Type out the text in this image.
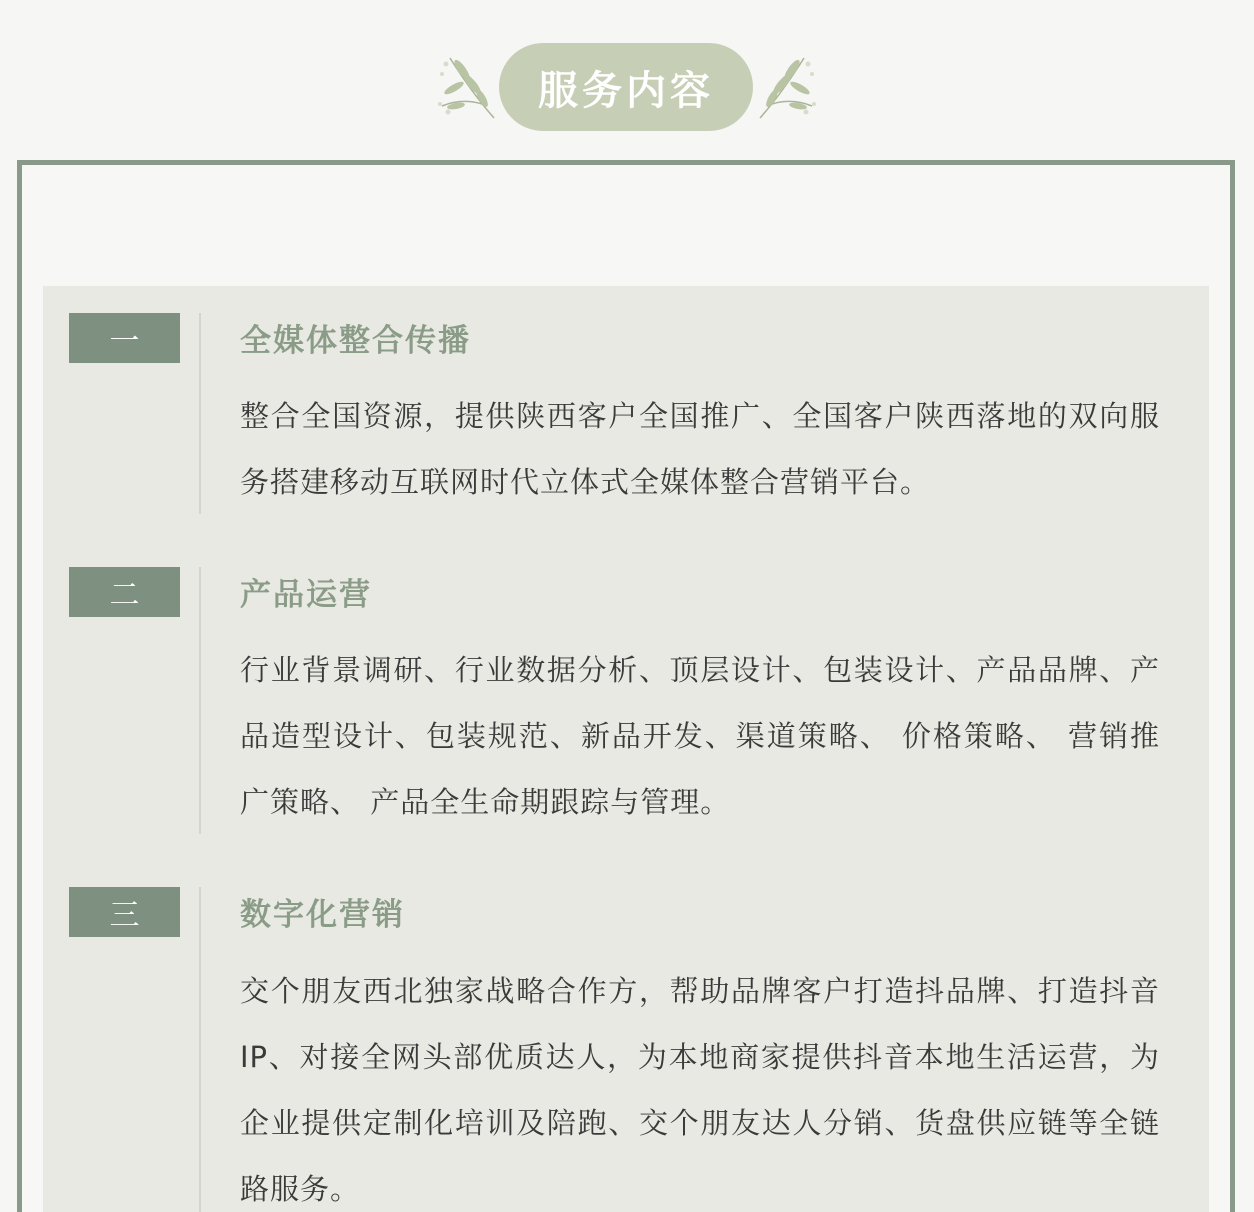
服务内容
一	全媒体整合传播
整合全国资源，提供陕西客户全国推广、全国客户陕西落地的双向服务搭建移动互联网时代立体式全媒体整合营销平台。
二	产品运营
行业背景调研、行业数据分析、顶层设计、包装设计、产品品牌、产品造型设计、包装规范、新品开发、渠道策略、 价格策略、 营销推广策略、 产品全生命期跟踪与管理。
三	数字化营销
交个朋友西北独家战略合作方，帮助品牌客户打造抖品牌、打造抖音IP、对接全网头部优质达人，为本地商家提供抖音本地生活运营，为企业提供定制化培训及陪跑、交个朋友达人分销、货盘供应链等全链路服务。
